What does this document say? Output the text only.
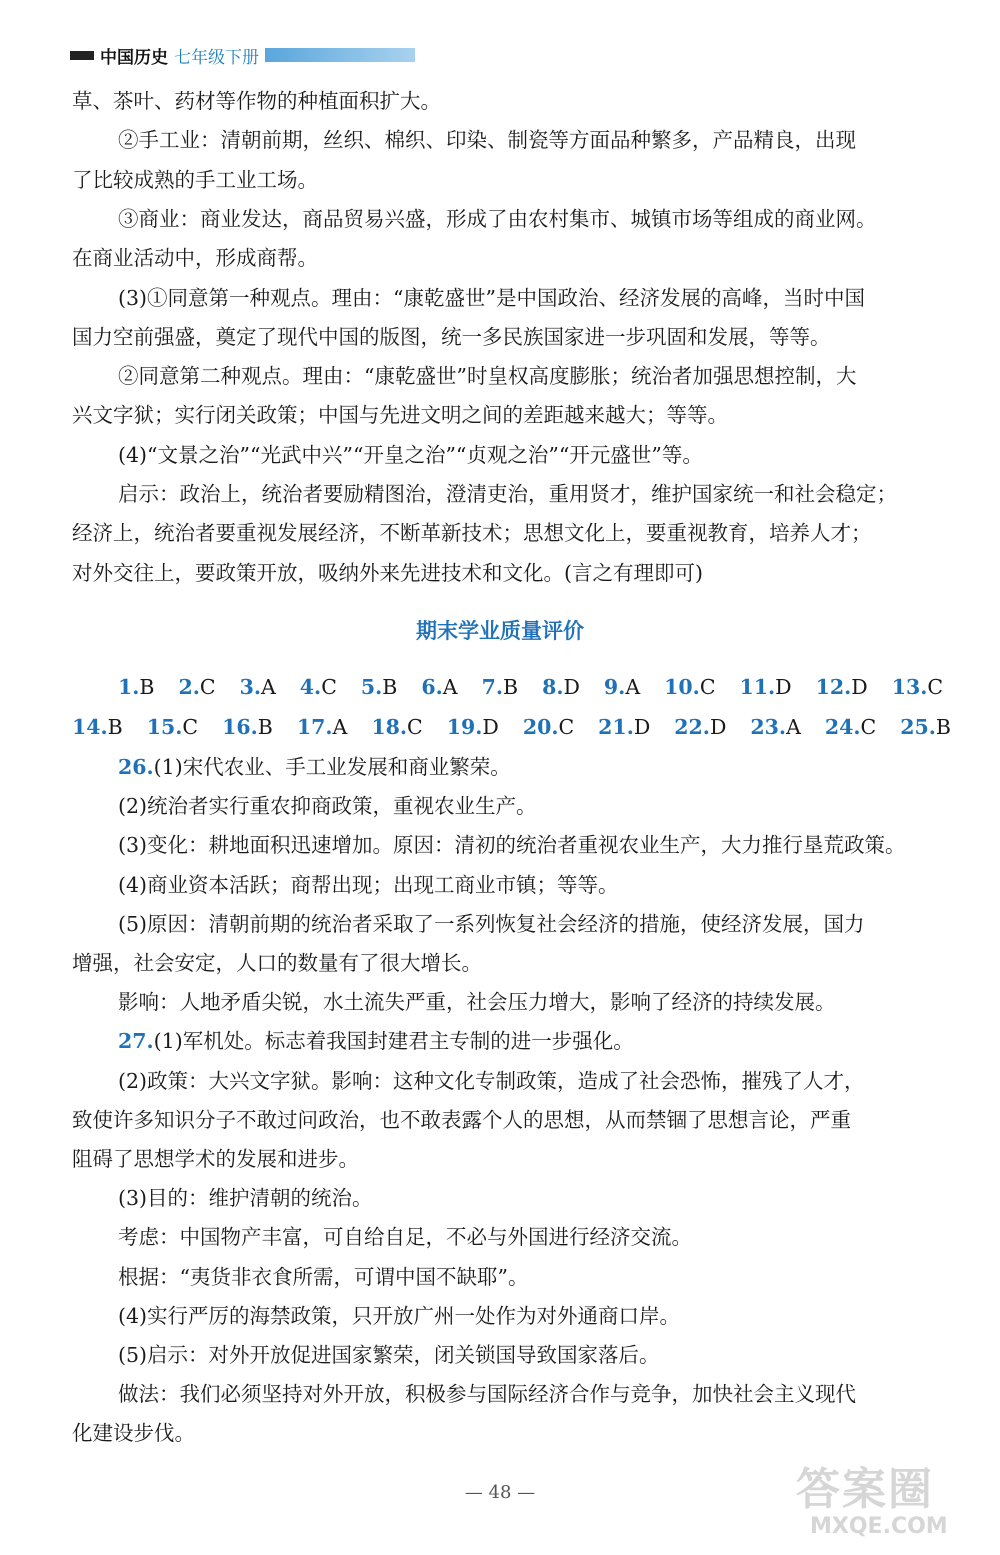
中国历史 七年级下册
草、茶叶、药材等作物的种植面积扩大。
②手工业：清朝前期，丝织、棉织、印染、制瓷等方面品种繁多，产品精良，出现
了比较成熟的手工业工场。
③商业：商业发达，商品贸易兴盛，形成了由农村集市、城镇市场等组成的商业网。
在商业活动中，形成商帮。
(3)①同意第一种观点。理由：“康乾盛世”是中国政治、经济发展的高峰，当时中国
国力空前强盛，奠定了现代中国的版图，统一多民族国家进一步巩固和发展，等等。
②同意第二种观点。理由：“康乾盛世”时皇权高度膨胀；统治者加强思想控制，大
兴文字狱；实行闭关政策；中国与先进文明之间的差距越来越大；等等。
(4)“文景之治”“光武中兴”“开皇之治”“贞观之治”“开元盛世”等。
启示：政治上，统治者要励精图治，澄清吏治，重用贤才，维护国家统一和社会稳定；
经济上，统治者要重视发展经济，不断革新技术；思想文化上，要重视教育，培养人才；
对外交往上，要政策开放，吸纳外来先进技术和文化。(言之有理即可)
期末学业质量评价
1.B 2.C 3.A 4.C 5.B 6.A 7.B 8.D 9.A 10.C 11.D 12.D 13.C
14.B 15.C 16.B 17.A 18.C 19.D 20.C 21.D 22.D 23.A 24.C 25.B
26.(1)宋代农业、手工业发展和商业繁荣。
(2)统治者实行重农抑商政策，重视农业生产。
(3)变化：耕地面积迅速增加。原因：清初的统治者重视农业生产，大力推行垦荒政策。
(4)商业资本活跃；商帮出现；出现工商业市镇；等等。
(5)原因：清朝前期的统治者采取了一系列恢复社会经济的措施，使经济发展，国力
增强，社会安定，人口的数量有了很大增长。
影响：人地矛盾尖锐，水土流失严重，社会压力增大，影响了经济的持续发展。
27.(1)军机处。标志着我国封建君主专制的进一步强化。
(2)政策：大兴文字狱。影响：这种文化专制政策，造成了社会恐怖，摧残了人才，
致使许多知识分子不敢过问政治，也不敢表露个人的思想，从而禁锢了思想言论，严重
阻碍了思想学术的发展和进步。
(3)目的：维护清朝的统治。
考虑：中国物产丰富，可自给自足，不必与外国进行经济交流。
根据：“夷货非衣食所需，可谓中国不缺耶”。
(4)实行严厉的海禁政策，只开放广州一处作为对外通商口岸。
(5)启示：对外开放促进国家繁荣，闭关锁国导致国家落后。
做法：我们必须坚持对外开放，积极参与国际经济合作与竞争，加快社会主义现代
化建设步伐。
— 48 —	答案圈
MXQE.COM
